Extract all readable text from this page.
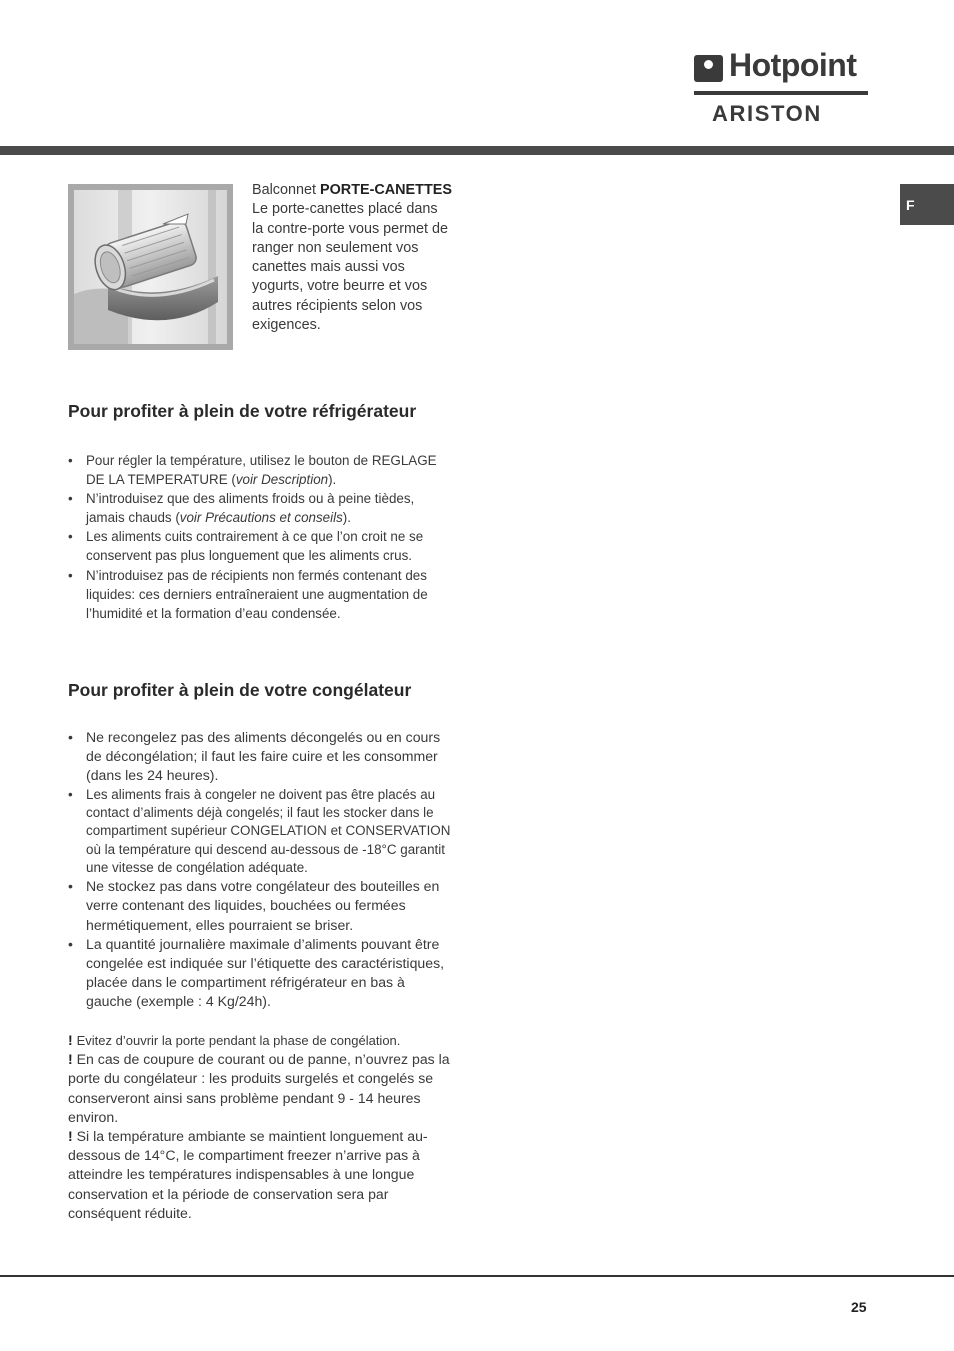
Hotpoint
ARISTON
F
Balconnet PORTE-CANETTES
Le porte-canettes placé dans la contre-porte vous permet de ranger non seulement vos canettes mais aussi vos yogurts, votre beurre et vos autres récipients selon vos exigences.
Pour profiter à plein de votre réfrigérateur
• Pour régler la température, utilisez le bouton de REGLAGE DE LA TEMPERATURE (voir Description).
• N’introduisez que des aliments froids ou à peine tièdes, jamais chauds (voir Précautions et conseils).
• Les aliments cuits contrairement à ce que l’on croit ne se conservent pas plus longuement que les aliments crus.
• N’introduisez pas de récipients non fermés contenant des liquides: ces derniers entraîneraient une augmentation de l’humidité et la formation d’eau condensée.
Pour profiter à plein de votre congélateur
• Ne recongelez pas des aliments décongelés ou en cours de décongélation; il faut les faire cuire et les consommer (dans les 24 heures).
• Les aliments frais à congeler ne doivent pas être placés au contact d’aliments déjà congelés; il faut les stocker dans le compartiment supérieur CONGELATION et CONSERVATION où la température qui descend au-dessous de -18°C garantit une vitesse de congélation adéquate.
• Ne stockez pas dans votre congélateur des bouteilles en verre contenant des liquides, bouchées ou fermées hermétiquement, elles pourraient se briser.
• La quantité journalière maximale d’aliments pouvant être congelée est indiquée sur l’étiquette des caractéristiques, placée dans le compartiment réfrigérateur en bas à gauche (exemple : 4 Kg/24h).

! Evitez d’ouvrir la porte pendant la phase de congélation.

! En cas de coupure de courant ou de panne, n’ouvrez pas la porte du congélateur : les produits surgelés et congelés se conserveront ainsi sans problème pendant 9 - 14 heures environ.

! Si la température ambiante se maintient longuement au-dessous de 14°C, le compartiment freezer n’arrive pas à atteindre les températures indispensables à une longue conservation et la période de conservation sera par conséquent réduite.

25
